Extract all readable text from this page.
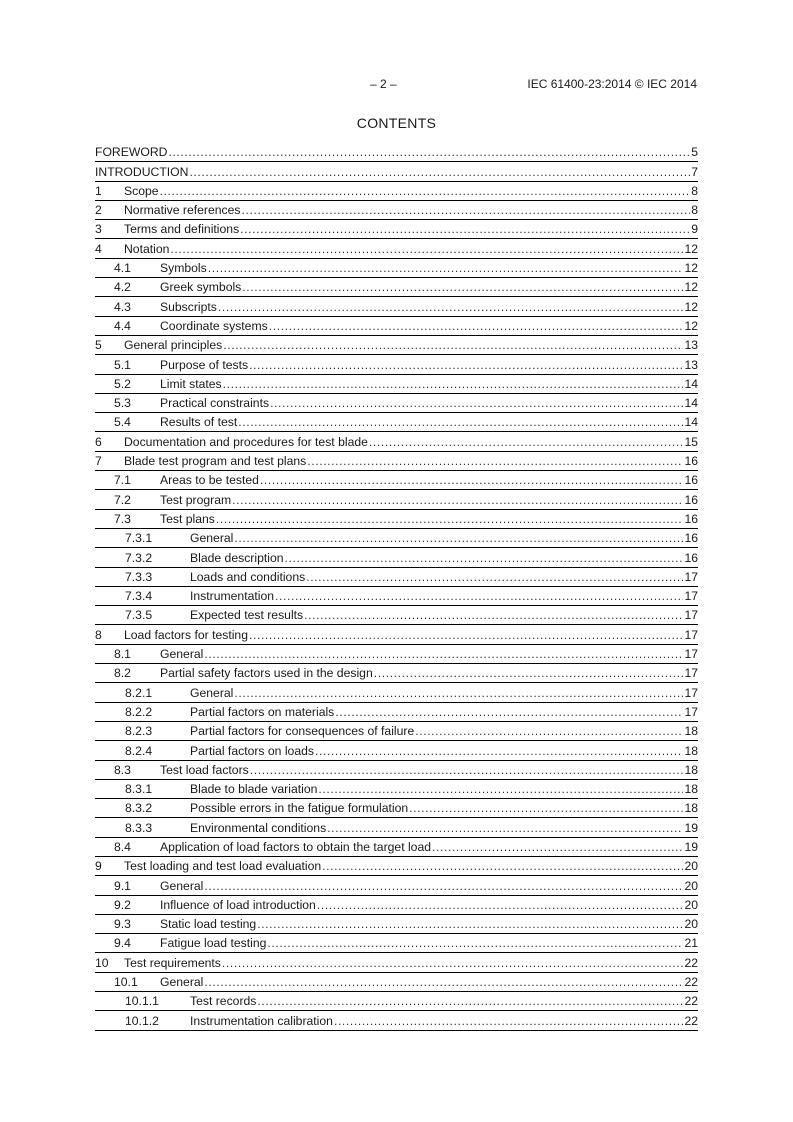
– 2 –	IEC 61400-23:2014 © IEC 2014
CONTENTS
FOREWORD .....	5
INTRODUCTION .....	7
1	Scope .....	8
2	Normative references .....	8
3	Terms and definitions .....	9
4	Notation .....	12
4.1	Symbols .....	12
4.2	Greek symbols .....	12
4.3	Subscripts .....	12
4.4	Coordinate systems .....	12
5	General principles .....	13
5.1	Purpose of tests .....	13
5.2	Limit states .....	14
5.3	Practical constraints .....	14
5.4	Results of test .....	14
6	Documentation and procedures for test blade .....	15
7	Blade test program and test plans .....	16
7.1	Areas to be tested .....	16
7.2	Test program .....	16
7.3	Test plans .....	16
7.3.1	General .....	16
7.3.2	Blade description .....	16
7.3.3	Loads and conditions .....	17
7.3.4	Instrumentation .....	17
7.3.5	Expected test results .....	17
8	Load factors for testing .....	17
8.1	General .....	17
8.2	Partial safety factors used in the design .....	17
8.2.1	General .....	17
8.2.2	Partial factors on materials .....	17
8.2.3	Partial factors for consequences of failure .....	18
8.2.4	Partial factors on loads .....	18
8.3	Test load factors .....	18
8.3.1	Blade to blade variation .....	18
8.3.2	Possible errors in the fatigue formulation .....	18
8.3.3	Environmental conditions .....	19
8.4	Application of load factors to obtain the target load .....	19
9	Test loading and test load evaluation .....	20
9.1	General .....	20
9.2	Influence of load introduction .....	20
9.3	Static load testing .....	20
9.4	Fatigue load testing .....	21
10	Test requirements .....	22
10.1	General .....	22
10.1.1	Test records .....	22
10.1.2	Instrumentation calibration .....	22
